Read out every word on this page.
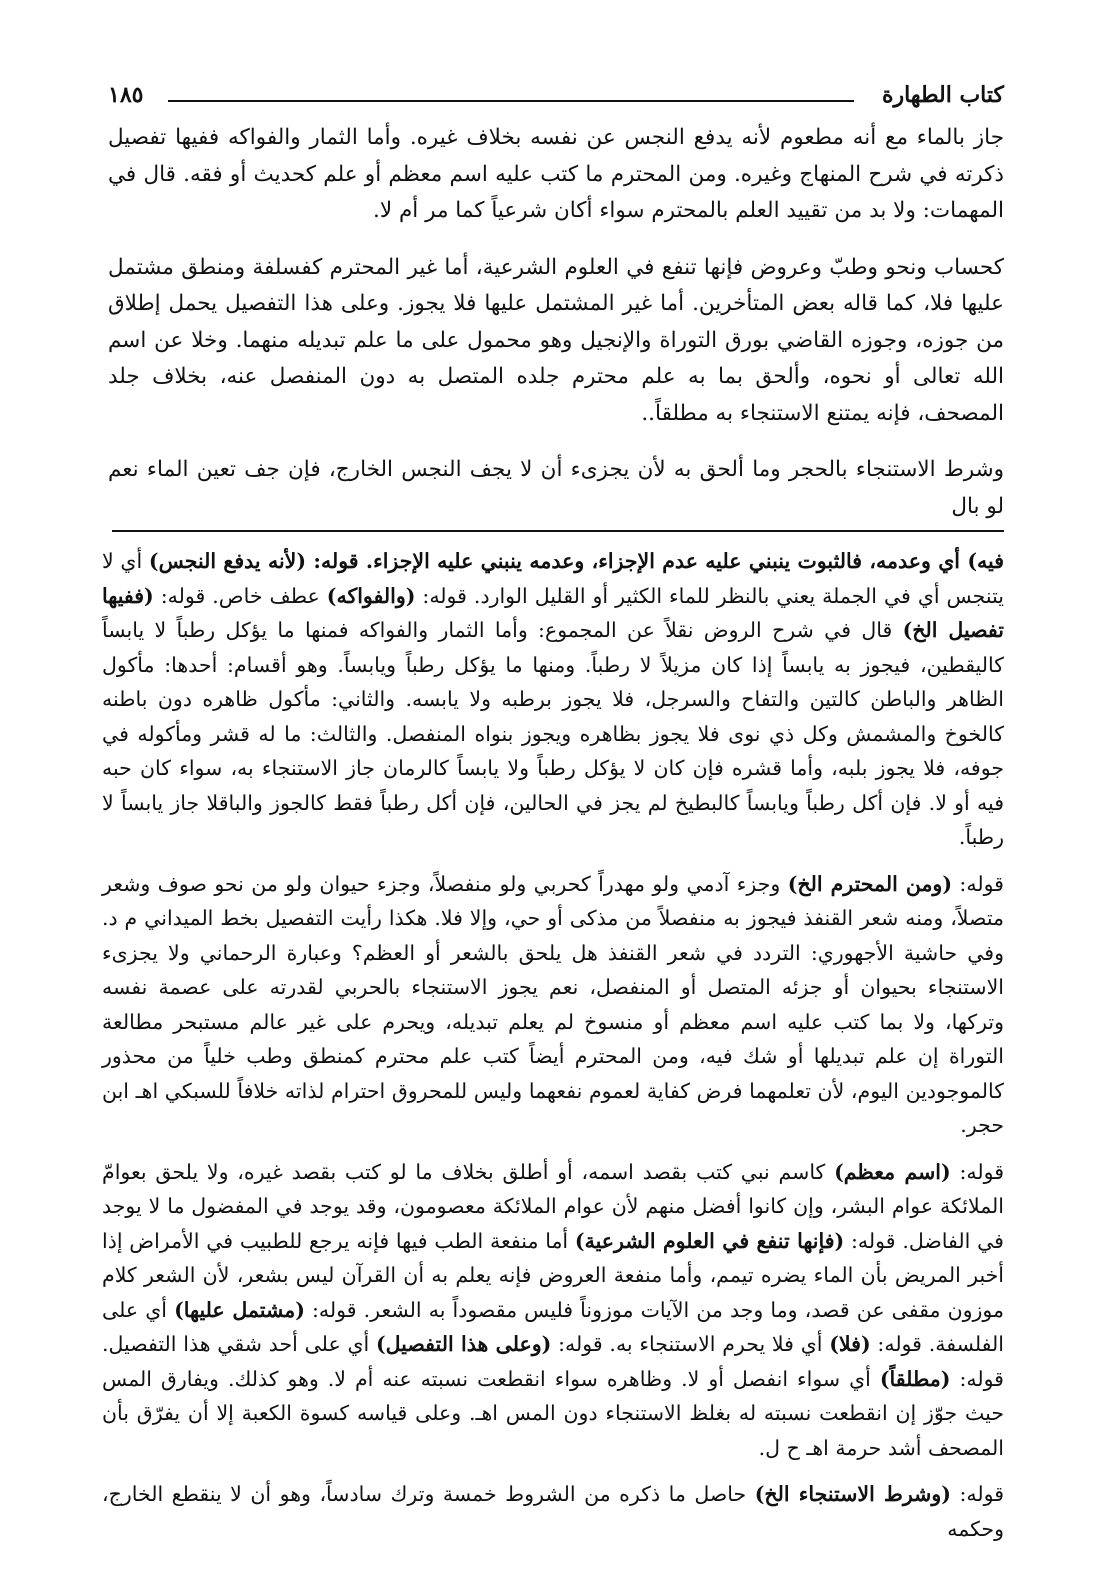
كتاب الطهارة
١٨٥

جاز بالماء مع أنه مطعوم لأنه يدفع النجس عن نفسه بخلاف غيره. وأما الثمار والفواكه ففيها تفصيل ذكرته في شرح المنهاج وغيره. ومن المحترم ما كتب عليه اسم معظم أو علم كحديث أو فقه. قال في المهمات: ولا بد من تقييد العلم بالمحترم سواء أكان شرعياً كما مر أم لا.

كحساب ونحو وطبّ وعروض فإنها تنفع في العلوم الشرعية، أما غير المحترم كفسلفة ومنطق مشتمل عليها فلا، كما قاله بعض المتأخرين. أما غير المشتمل عليها فلا يجوز. وعلى هذا التفصيل يحمل إطلاق من جوزه، وجوزه القاضي بورق التوراة والإنجيل وهو محمول على ما علم تبديله منهما. وخلا عن اسم الله تعالى أو نحوه، وألحق بما به علم محترم جلده المتصل به دون المنفصل عنه، بخلاف جلد المصحف، فإنه يمتنع الاستنجاء به مطلقاً..

وشرط الاستنجاء بالحجر وما ألحق به لأن يجزىء أن لا يجف النجس الخارج، فإن جف تعين الماء نعم لو بال

فيه) أي وعدمه، فالثبوت ينبني عليه عدم الإجزاء، وعدمه ينبني عليه الإجزاء. قوله: (لأنه يدفع النجس) أي لا يتنجس أي في الجملة يعني بالنظر للماء الكثير أو القليل الوارد. قوله: (والفواكه) عطف خاص. قوله: (ففيها تفصيل الخ) قال في شرح الروض نقلاً عن المجموع: وأما الثمار والفواكه فمنها ما يؤكل رطباً لا يابساً كاليقطين، فيجوز به يابساً إذا كان مزيلاً لا رطباً. ومنها ما يؤكل رطباً ويابساً. وهو أقسام: أحدها: مأكول الظاهر والباطن كالتين والتفاح والسرجل، فلا يجوز برطبه ولا يابسه. والثاني: مأكول ظاهره دون باطنه كالخوخ والمشمش وكل ذي نوى فلا يجوز بظاهره ويجوز بنواه المنفصل. والثالث: ما له قشر ومأكوله في جوفه، فلا يجوز بلبه، وأما قشره فإن كان لا يؤكل رطباً ولا يابساً كالرمان جاز الاستنجاء به، سواء كان حبه فيه أو لا. فإن أكل رطباً ويابساً كالبطيخ لم يجز في الحالين، فإن أكل رطباً فقط كالجوز والباقلا جاز يابساً لا رطباً.

قوله: (ومن المحترم الخ) وجزء آدمي ولو مهدراً كحربي ولو منفصلاً، وجزء حيوان ولو من نحو صوف وشعر متصلاً، ومنه شعر القنفذ فيجوز به منفصلاً من مذكى أو حي، وإلا فلا. هكذا رأيت التفصيل بخط الميداني م د. وفي حاشية الأجهوري: التردد في شعر القنفذ هل يلحق بالشعر أو العظم؟ وعبارة الرحماني ولا يجزىء الاستنجاء بحيوان أو جزئه المتصل أو المنفصل، نعم يجوز الاستنجاء بالحربي لقدرته على عصمة نفسه وتركها، ولا بما كتب عليه اسم معظم أو منسوخ لم يعلم تبديله، ويحرم على غير عالم مستبحر مطالعة التوراة إن علم تبديلها أو شك فيه، ومن المحترم أيضاً كتب علم محترم كمنطق وطب خلياً من محذور كالموجودين اليوم، لأن تعلمهما فرض كفاية لعموم نفعهما وليس للمحروق احترام لذاته خلافاً للسبكي اهـ ابن حجر.

قوله: (اسم معظم) كاسم نبي كتب بقصد اسمه، أو أطلق بخلاف ما لو كتب بقصد غيره، ولا يلحق بعوامّ الملائكة عوام البشر، وإن كانوا أفضل منهم لأن عوام الملائكة معصومون، وقد يوجد في المفضول ما لا يوجد في الفاضل. قوله: (فإنها تنفع في العلوم الشرعية) أما منفعة الطب فيها فإنه يرجع للطبيب في الأمراض إذا أخبر المريض بأن الماء يضره تيمم، وأما منفعة العروض فإنه يعلم به أن القرآن ليس بشعر، لأن الشعر كلام موزون مقفى عن قصد، وما وجد من الآيات موزوناً فليس مقصوداً به الشعر. قوله: (مشتمل عليها) أي على الفلسفة. قوله: (فلا) أي فلا يحرم الاستنجاء به. قوله: (وعلى هذا التفصيل) أي على أحد شقي هذا التفصيل. قوله: (مطلقاً) أي سواء انفصل أو لا. وظاهره سواء انقطعت نسبته عنه أم لا. وهو كذلك. ويفارق المس حيث جوّز إن انقطعت نسبته له بغلظ الاستنجاء دون المس اهـ. وعلى قياسه كسوة الكعبة إلا أن يفرّق بأن المصحف أشد حرمة اهـ ح ل.

قوله: (وشرط الاستنجاء الخ) حاصل ما ذكره من الشروط خمسة وترك سادساً، وهو أن لا ينقطع الخارج، وحكمه
